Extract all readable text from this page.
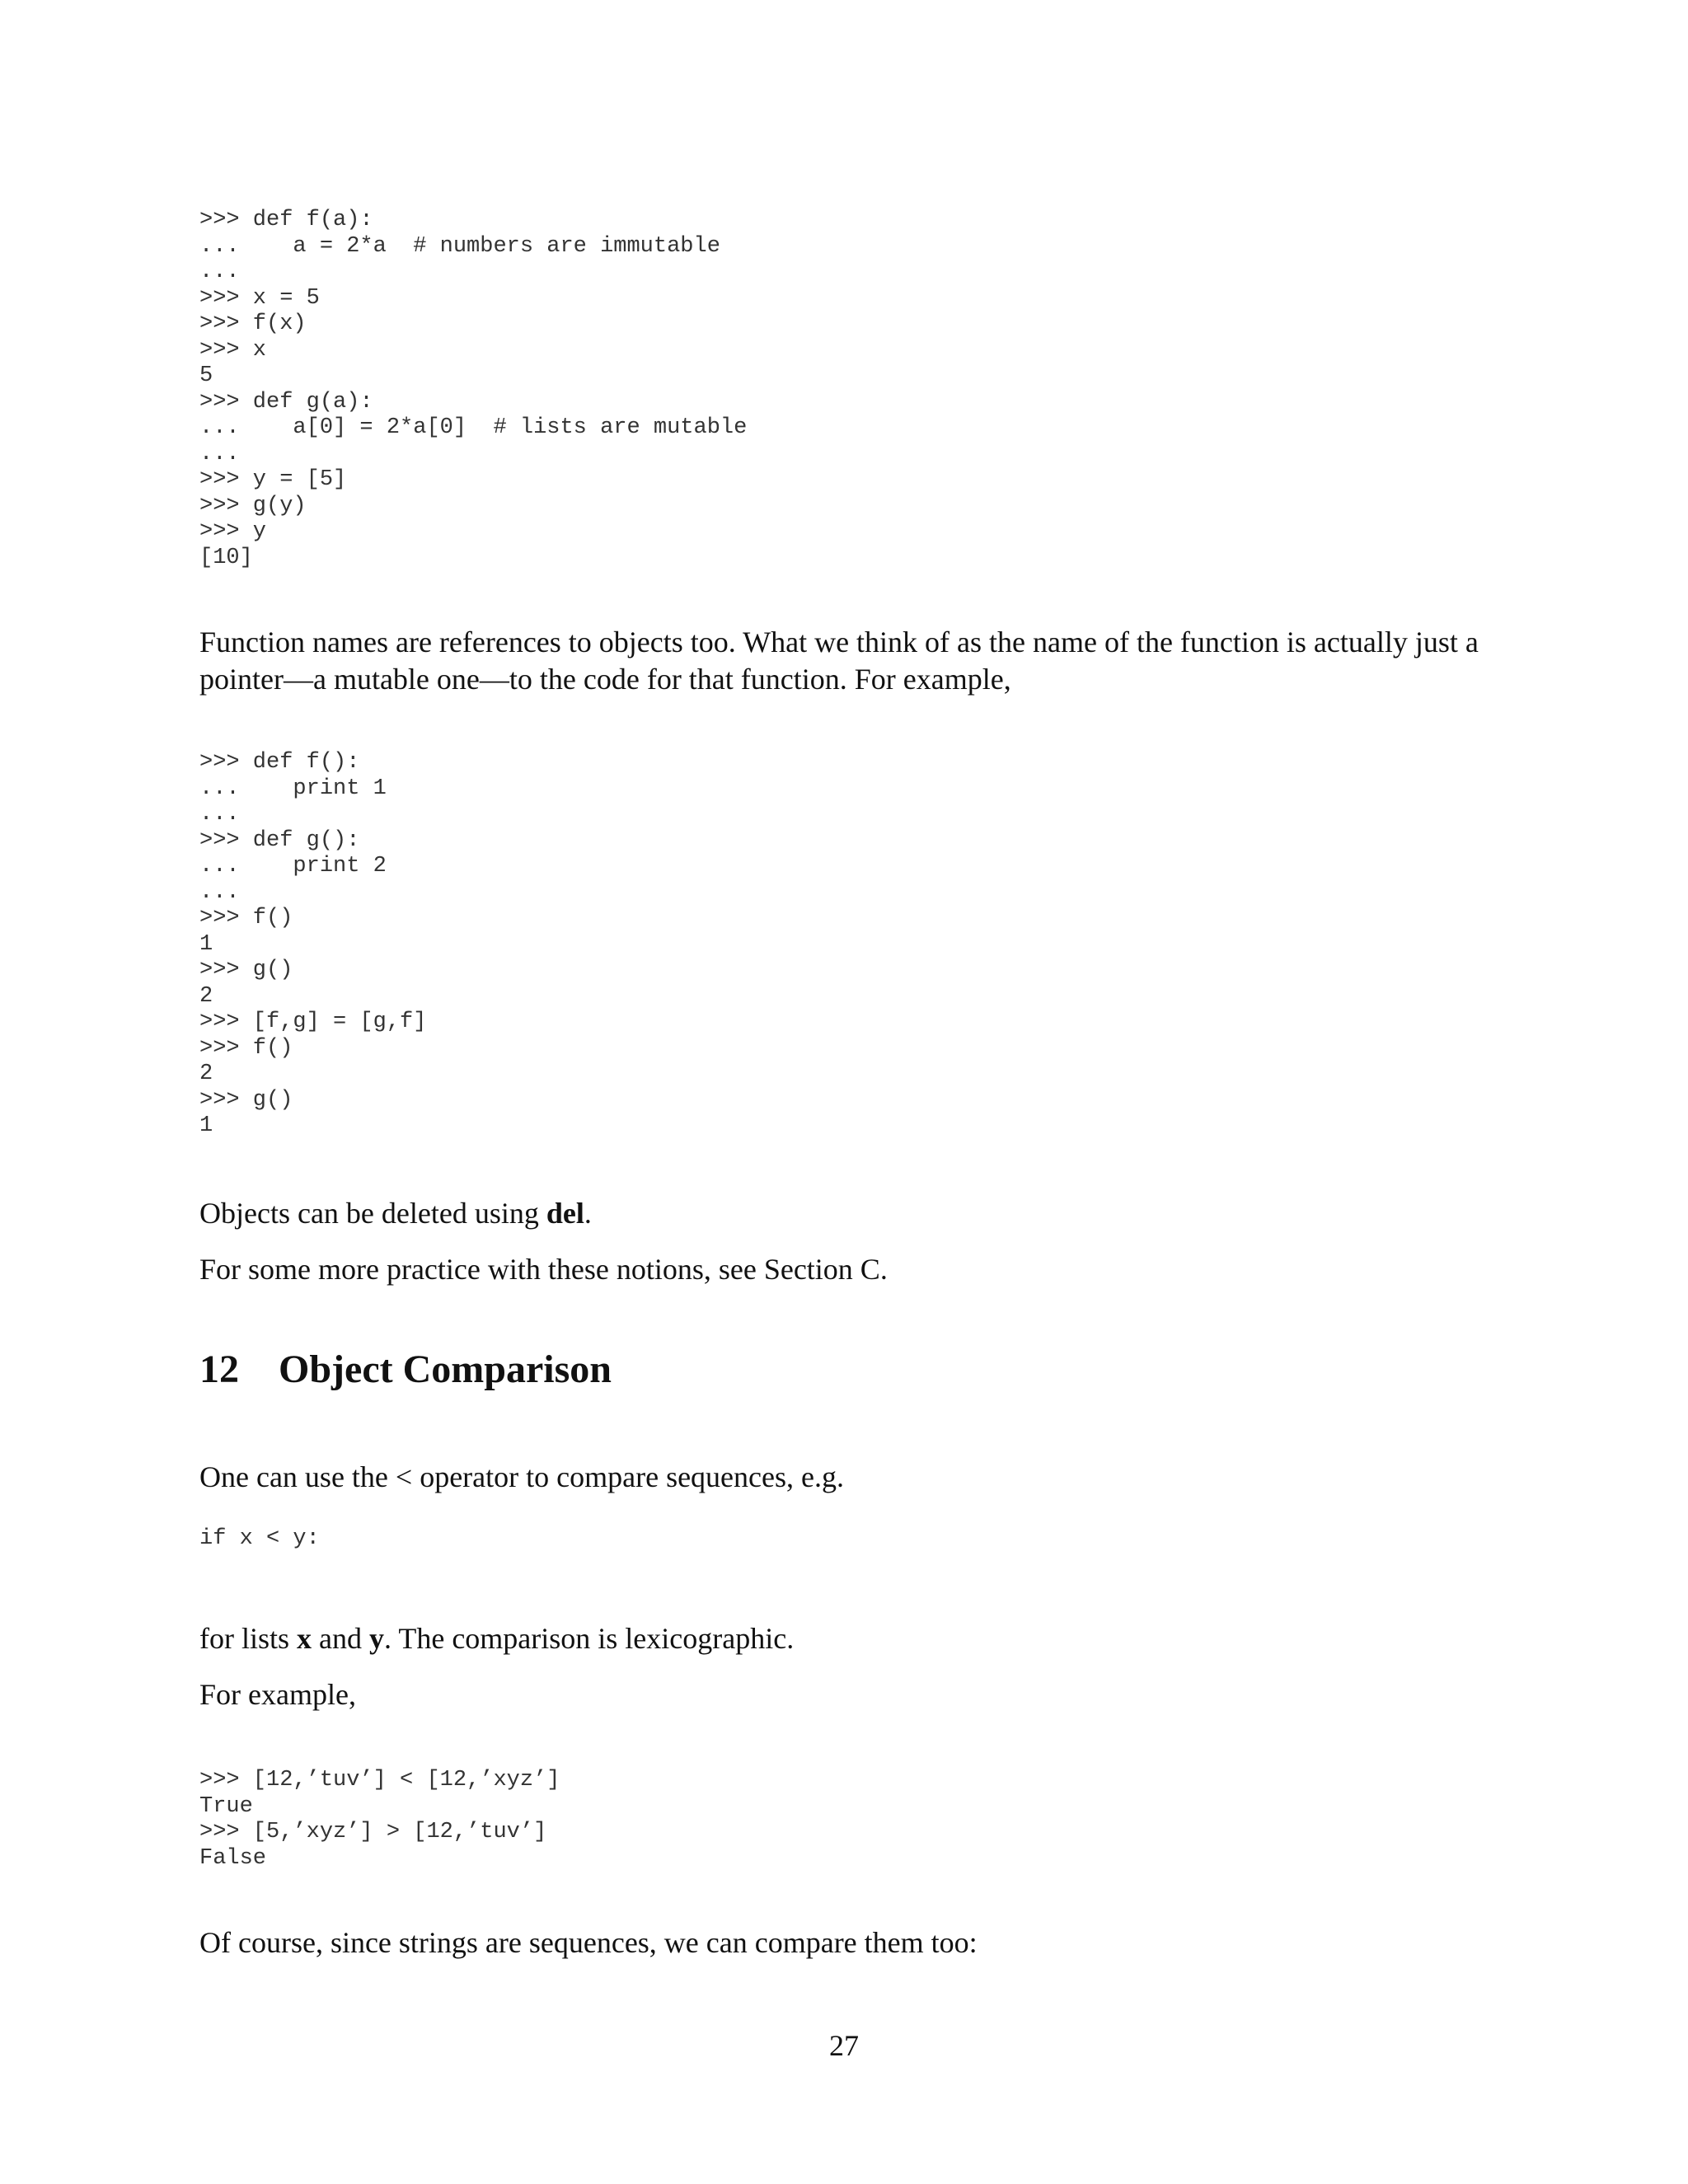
>>> def f(a):
...    a = 2*a  # numbers are immutable
...
>>> x = 5
>>> f(x)
>>> x
5
>>> def g(a):
...    a[0] = 2*a[0]  # lists are mutable
...
>>> y = [5]
>>> g(y)
>>> y
[10]

Function names are references to objects too. What we think of as the name of the function is actually just a pointer—a mutable one—to the code for that function. For example,

>>> def f():
...    print 1
...
>>> def g():
...    print 2
...
>>> f()
1
>>> g()
2
>>> [f,g] = [g,f]
>>> f()
2
>>> g()
1

Objects can be deleted using del.

For some more practice with these notions, see Section C.

12 Object Comparison

One can use the < operator to compare sequences, e.g.

if x < y:

for lists x and y. The comparison is lexicographic.

For example,

>>> [12,’tuv’] < [12,’xyz’]
True
>>> [5,’xyz’] > [12,’tuv’]
False

Of course, since strings are sequences, we can compare them too:

27
